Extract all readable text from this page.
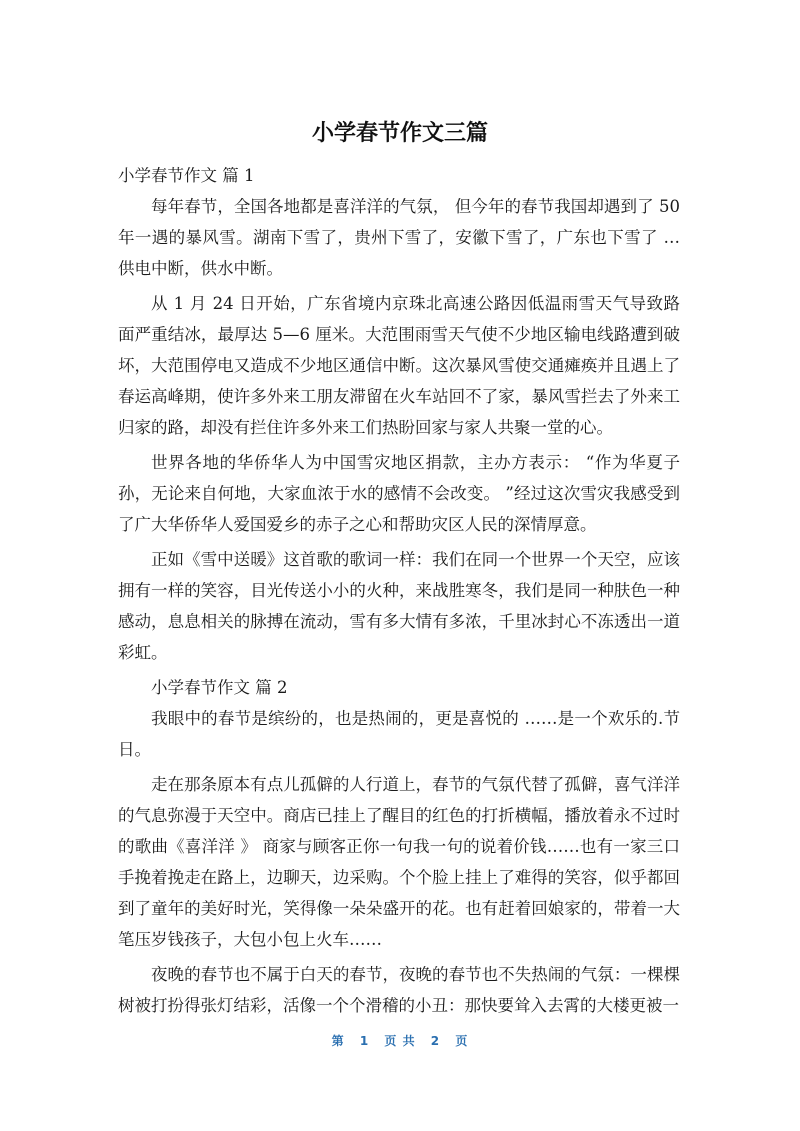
小学春节作文三篇

小学春节作文 篇 1

每年春节，全国各地都是喜洋洋的气氛， 但今年的春节我国却遇到了 50 年一遇的暴风雪。湖南下雪了，贵州下雪了，安徽下雪了，广东也下雪了 …供电中断，供水中断。

从 1 月 24 日开始，广东省境内京珠北高速公路因低温雨雪天气导致路面严重结冰，最厚达 5—6 厘米。大范围雨雪天气使不少地区输电线路遭到破坏，大范围停电又造成不少地区通信中断。这次暴风雪使交通瘫痪并且遇上了春运高峰期，使许多外来工朋友滞留在火车站回不了家，暴风雪拦去了外来工归家的路，却没有拦住许多外来工们热盼回家与家人共聚一堂的心。

世界各地的华侨华人为中国雪灾地区捐款，主办方表示： “作为华夏子孙，无论来自何地，大家血浓于水的感情不会改变。 ”经过这次雪灾我感受到了广大华侨华人爱国爱乡的赤子之心和帮助灾区人民的深情厚意。

正如《雪中送暖》这首歌的歌词一样：我们在同一个世界一个天空，应该拥有一样的笑容，目光传送小小的火种，来战胜寒冬，我们是同一种肤色一种感动，息息相关的脉搏在流动，雪有多大情有多浓，千里冰封心不冻透出一道彩虹。

小学春节作文 篇 2

我眼中的春节是缤纷的，也是热闹的，更是喜悦的 ……是一个欢乐的.节日。

走在那条原本有点儿孤僻的人行道上，春节的气氛代替了孤僻，喜气洋洋的气息弥漫于天空中。商店已挂上了醒目的红色的打折横幅，播放着永不过时的歌曲《喜洋洋 》 商家与顾客正你一句我一句的说着价钱……也有一家三口手挽着挽走在路上，边聊天，边采购。个个脸上挂上了难得的笑容，似乎都回到了童年的美好时光，笑得像一朵朵盛开的花。也有赶着回娘家的，带着一大笔压岁钱孩子，大包小包上火车……

夜晚的春节也不属于白天的春节，夜晚的春节也不失热闹的气氛：一棵棵树被打扮得张灯结彩，活像一个个滑稽的小丑：那快要耸入去霄的大楼更被一

第 1 页 共 2 页
